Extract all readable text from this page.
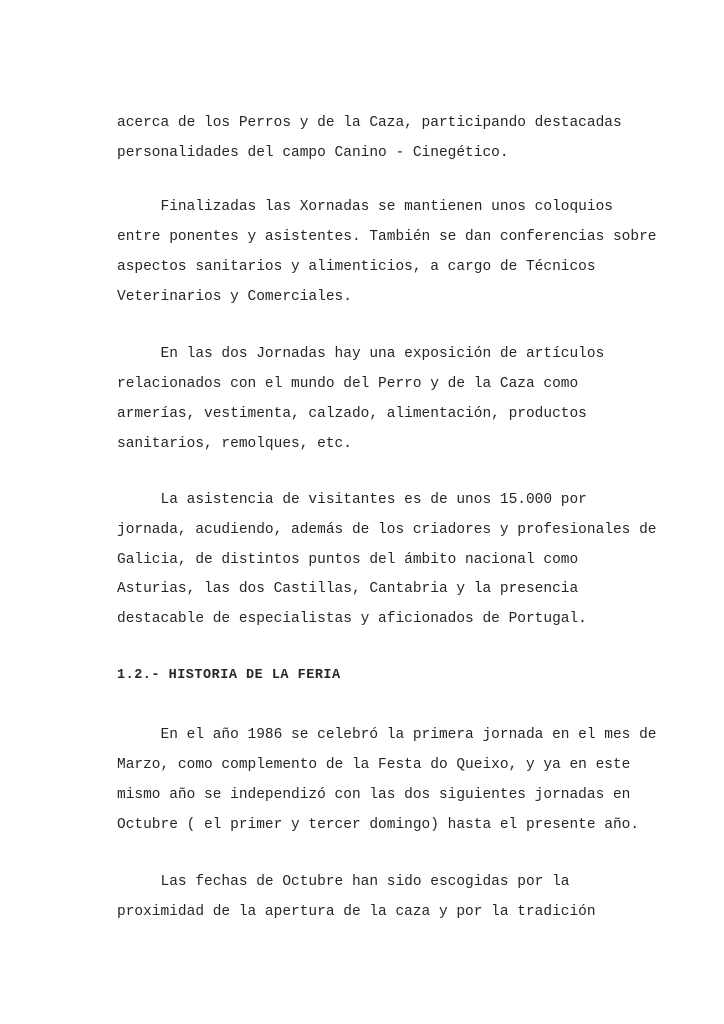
acerca de los Perros y de la Caza, participando destacadas

personalidades del campo Canino - Cinegético.

Finalizadas las Xornadas se mantienen unos coloquios

entre ponentes y asistentes. También se dan conferencias sobre

aspectos sanitarios y alimenticios, a cargo de Técnicos

Veterinarios y Comerciales.

En las dos Jornadas hay una exposición de artículos

relacionados con el mundo del Perro y de la Caza como

armerías, vestimenta, calzado, alimentación, productos

sanitarios, remolques, etc.

La asistencia de visitantes es de unos 15.000 por

jornada, acudiendo, además de los criadores y profesionales de

Galicia, de distintos puntos del ámbito nacional como

Asturias, las dos Castillas, Cantabria y la presencia

destacable de especialistas y aficionados de Portugal.

1.2.- HISTORIA DE LA FERIA

En el año 1986 se celebró la primera jornada en el mes de

Marzo, como complemento de la Festa do Queixo, y ya en este

mismo año se independizó con las dos siguientes jornadas en

Octubre ( el primer y tercer domingo) hasta el presente año.

Las fechas de Octubre han sido escogidas por la

proximidad de la apertura de la caza y por la tradición
